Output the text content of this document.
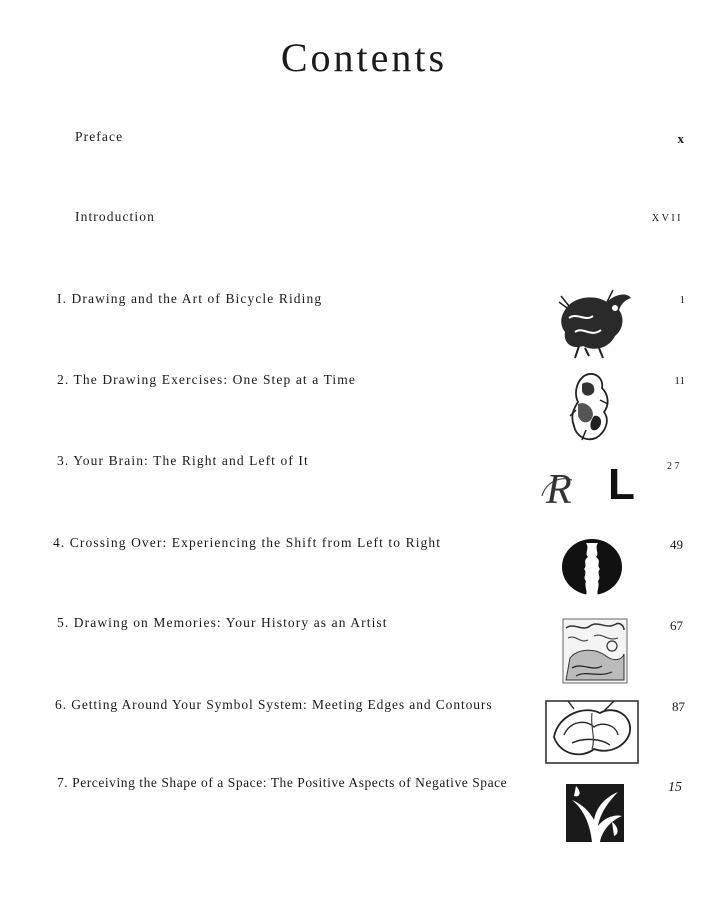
Contents
Preface	x
Introduction	XVII
I. Drawing and the Art of Bicycle Riding	1
2. The Drawing Exercises: One Step at a Time	11
3. Your Brain: The Right and Left of It	27
4. Crossing Over: Experiencing the Shift from Left to Right	49
5. Drawing on Memories: Your History as an Artist	67
6. Getting Around Your Symbol System: Meeting Edges and Contours	87
7. Perceiving the Shape of a Space: The Positive Aspects of Negative Space	15
R L
